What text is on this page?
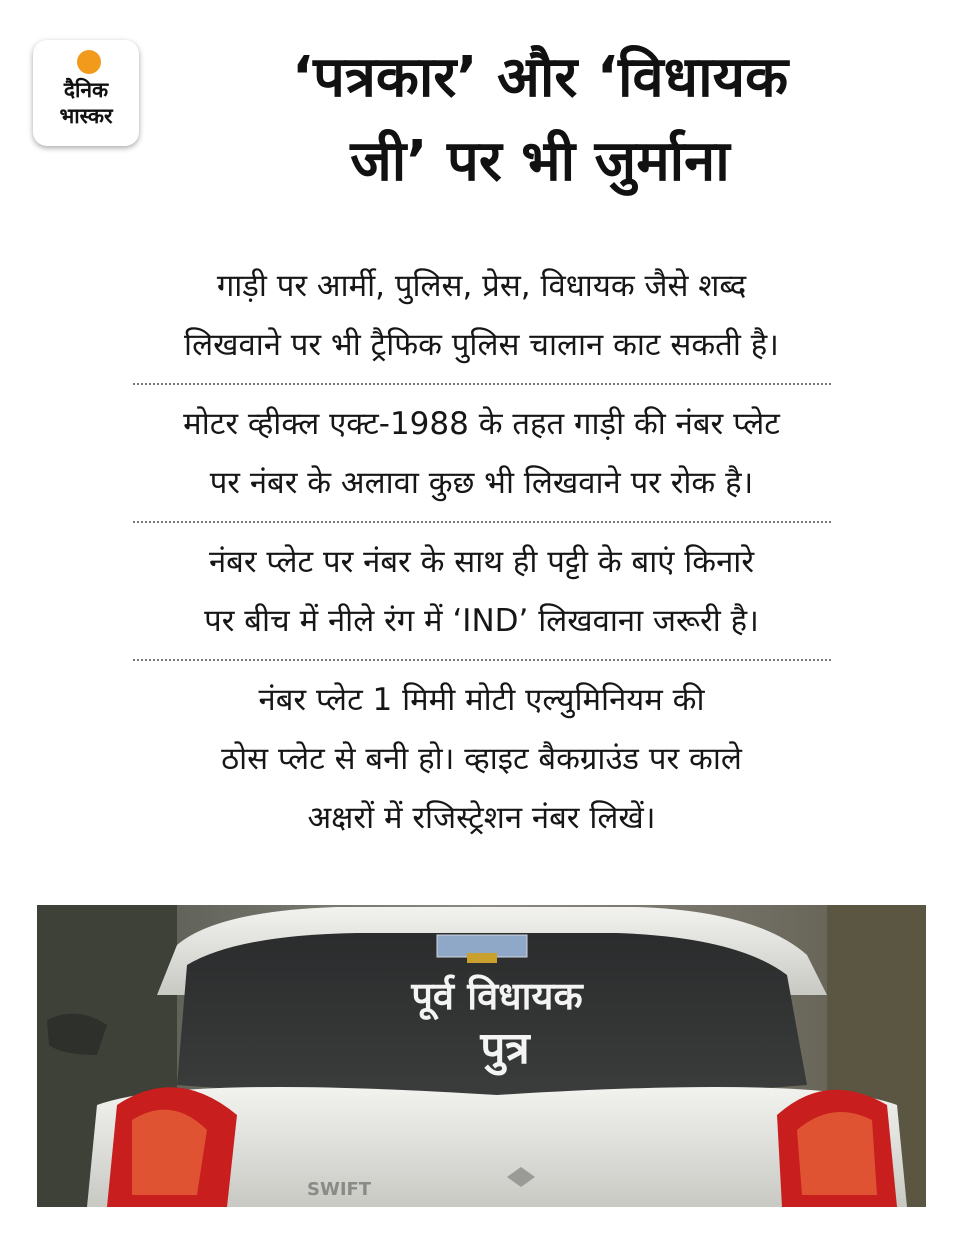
दैनिक
भास्कर
‘पत्रकार’ और ‘विधायक
जी’ पर भी जुर्माना

गाड़ी पर आर्मी, पुलिस, प्रेस, विधायक जैसे शब्द
लिखवाने पर भी ट्रैफिक पुलिस चालान काट सकती है।

मोटर व्हीक्ल एक्ट-1988 के तहत गाड़ी की नंबर प्लेट
पर नंबर के अलावा कुछ भी लिखवाने पर रोक है।

नंबर प्लेट पर नंबर के साथ ही पट्टी के बाएं किनारे
पर बीच में नीले रंग में ‘IND’ लिखवाना जरूरी है।

नंबर प्लेट 1 मिमी मोटी एल्युमिनियम की
ठोस प्लेट से बनी हो। व्हाइट बैकग्राउंड पर काले
अक्षरों में रजिस्ट्रेशन नंबर लिखें।

पूर्व विधायक
पुत्र
SWIFT
